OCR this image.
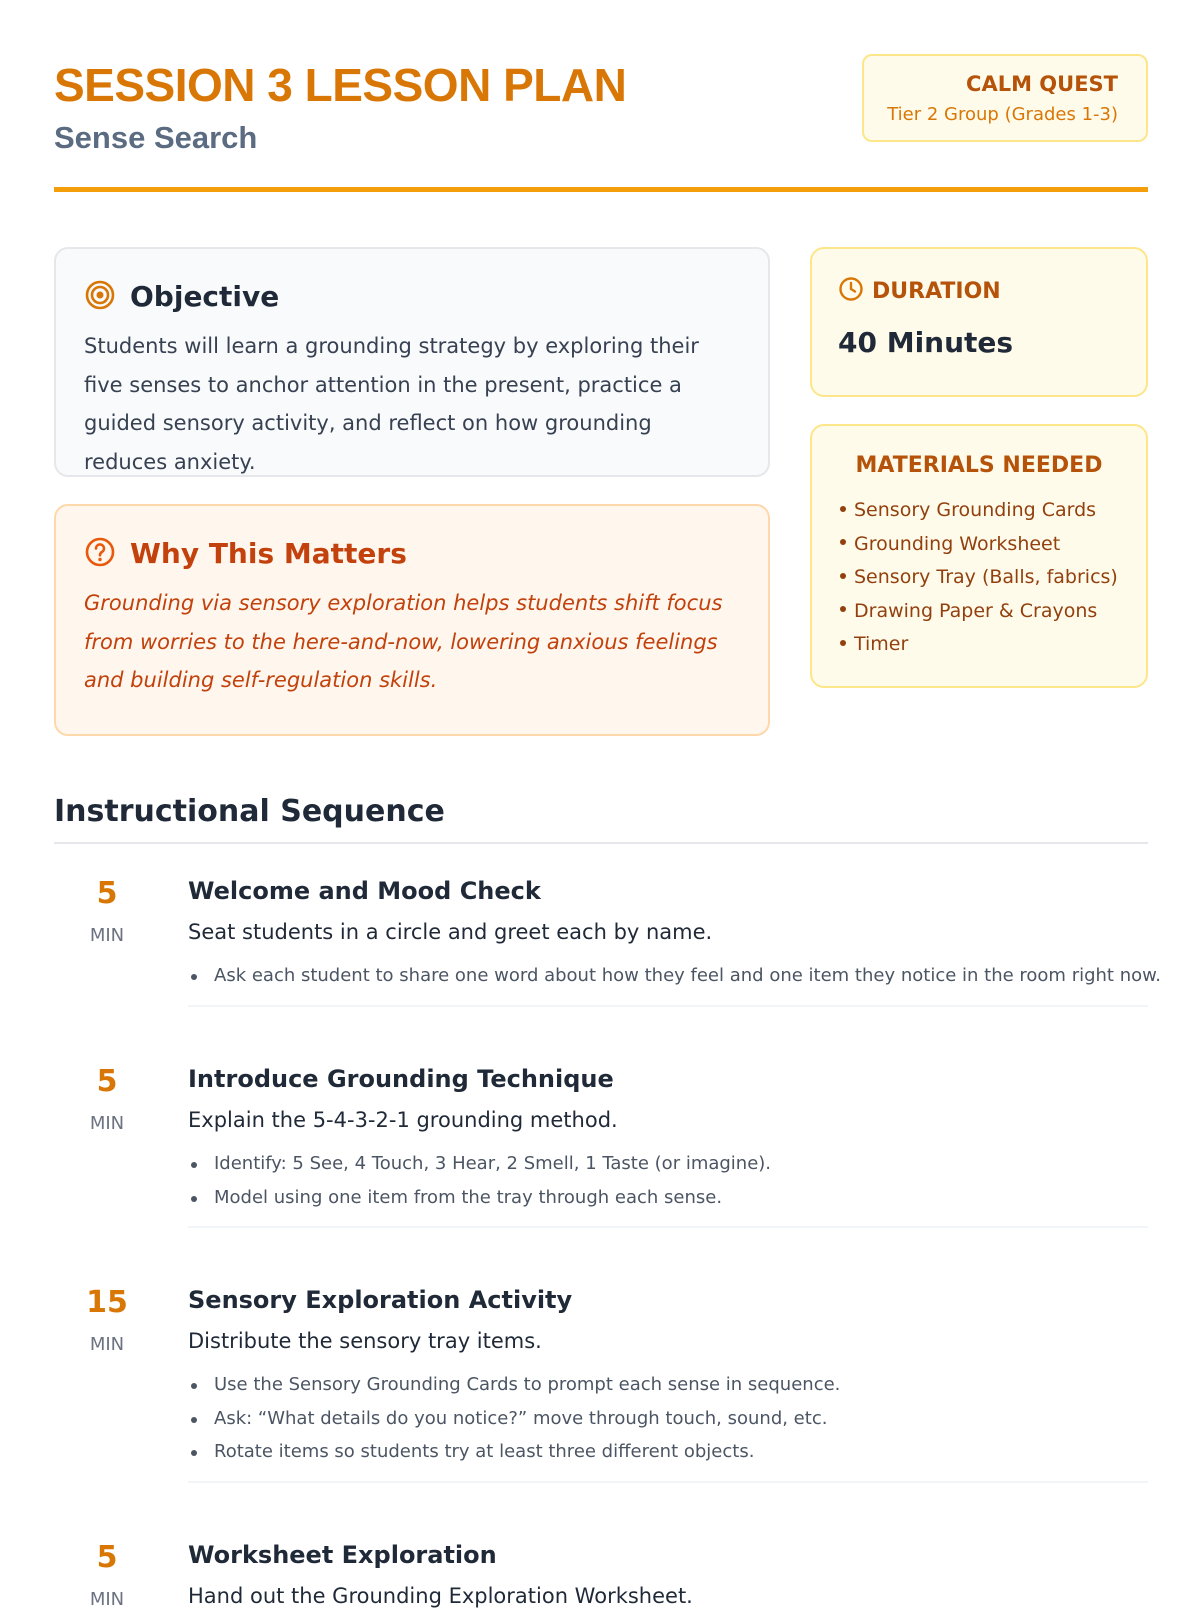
SESSION 3 LESSON PLAN
Sense Search
CALM QUEST
Tier 2 Group (Grades 1-3)
Objective
Students will learn a grounding strategy by exploring their five senses to anchor attention in the present, practice a guided sensory activity, and reflect on how grounding reduces anxiety.
Why This Matters
Grounding via sensory exploration helps students shift focus from worries to the here-and-now, lowering anxious feelings and building self-regulation skills.
DURATION
40 Minutes
MATERIALS NEEDED
Sensory Grounding Cards
Grounding Worksheet
Sensory Tray (Balls, fabrics)
Drawing Paper & Crayons
Timer
Instructional Sequence
5
MIN
Welcome and Mood Check
Seat students in a circle and greet each by name.
Ask each student to share one word about how they feel and one item they notice in the room right now.
5
MIN
Introduce Grounding Technique
Explain the 5-4-3-2-1 grounding method.
Identify: 5 See, 4 Touch, 3 Hear, 2 Smell, 1 Taste (or imagine).
Model using one item from the tray through each sense.
15
MIN
Sensory Exploration Activity
Distribute the sensory tray items.
Use the Sensory Grounding Cards to prompt each sense in sequence.
Ask: “What details do you notice?” move through touch, sound, etc.
Rotate items so students try at least three different objects.
5
MIN
Worksheet Exploration
Hand out the Grounding Exploration Worksheet.
